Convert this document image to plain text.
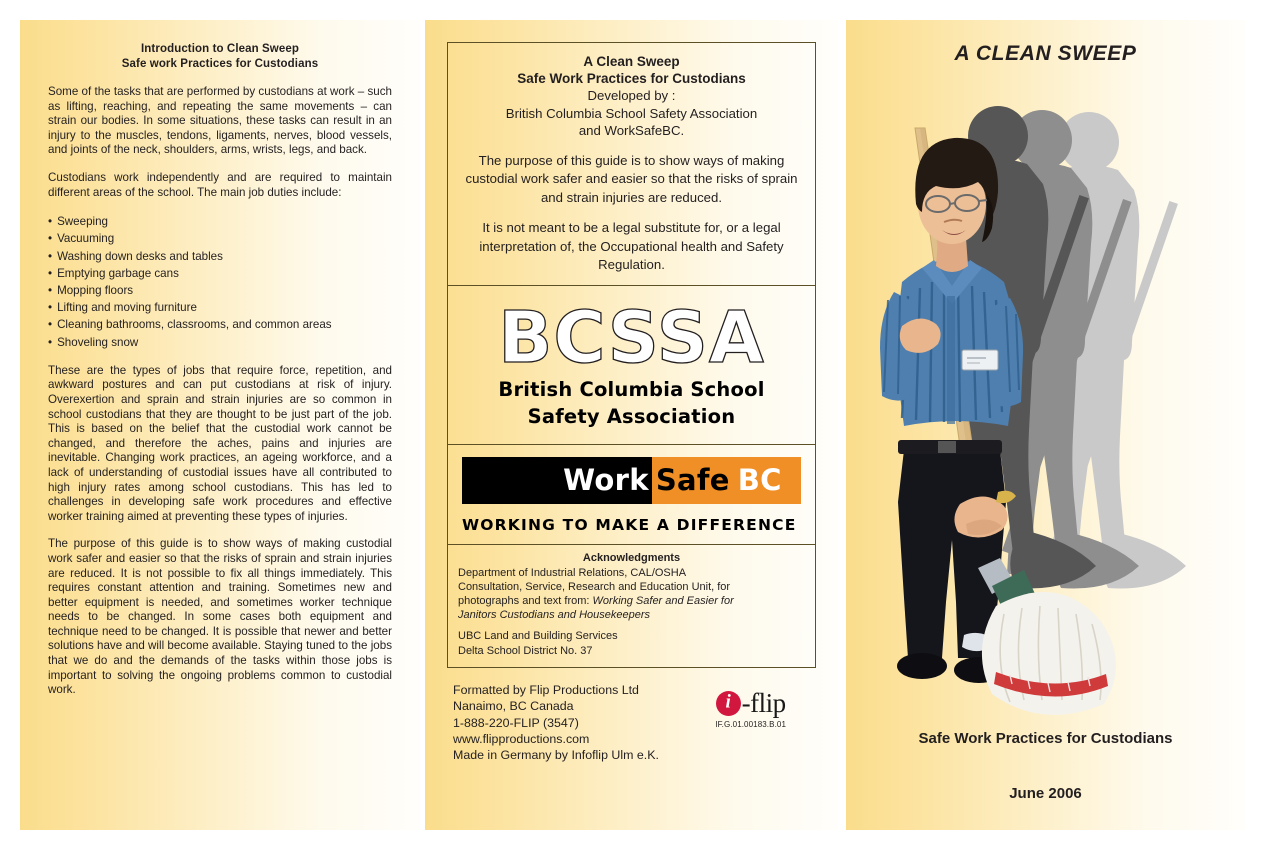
Introduction to Clean Sweep
Safe work Practices for Custodians

Some of the tasks that are performed by custodians at work – such as lifting, reaching, and repeating the same movements – can strain our bodies. In some situations, these tasks can result in an injury to the muscles, tendons, ligaments, nerves, blood vessels, and joints of the neck, shoulders, arms, wrists, legs, and back.

Custodians work independently and are required to maintain different areas of the school. The main job duties include:

• Sweeping
• Vacuuming
• Washing down desks and tables
• Emptying garbage cans
• Mopping floors
• Lifting and moving furniture
• Cleaning bathrooms, classrooms, and common areas
• Shoveling snow

These are the types of jobs that require force, repetition, and awkward postures and can put custodians at risk of injury. Overexertion and sprain and strain injuries are so common in school custodians that they are thought to be just part of the job. This is based on the belief that the custodial work cannot be changed, and therefore the aches, pains and injuries are inevitable. Changing work practices, an ageing workforce, and a lack of understanding of custodial issues have all contributed to high injury rates among school custodians. This has led to challenges in developing safe work procedures and effective worker training aimed at preventing these types of injuries.

The purpose of this guide is to show ways of making custodial work safer and easier so that the risks of sprain and strain injuries are reduced. It is not possible to fix all things immediately. This requires constant attention and training. Sometimes new and better equipment is needed, and sometimes worker technique needs to be changed. In some cases both equipment and technique need to be changed. It is possible that newer and better solutions have and will become available. Staying tuned to the jobs that we do and the demands of the tasks within those jobs is important to solving the ongoing problems common to custodial work.

A Clean Sweep
Safe Work Practices for Custodians
Developed by :
British Columbia School Safety Association
and WorkSafeBC.
The purpose of this guide is to show ways of making custodial work safer and easier so that the risks of sprain and strain injuries are reduced.
It is not meant to be a legal substitute for, or a legal interpretation of, the Occupational health and Safety Regulation.
BCSSA
British Columbia School
Safety Association
Work Safe BC
WORKING TO MAKE A DIFFERENCE
Acknowledgments
Department of Industrial Relations, CAL/OSHA
Consultation, Service, Research and Education Unit, for
photographs and text from: Working Safer and Easier for
Janitors Custodians and Housekeepers
UBC Land and Building Services
Delta School District No. 37
Formatted by Flip Productions Ltd
Nanaimo, BC Canada
1-888-220-FLIP (3547)
www.flipproductions.com
Made in Germany by Infoflip Ulm e.K.
i
-flip
IF.G.01.00183.B.01
A CLEAN SWEEP
Safe Work Practices for Custodians
June 2006
